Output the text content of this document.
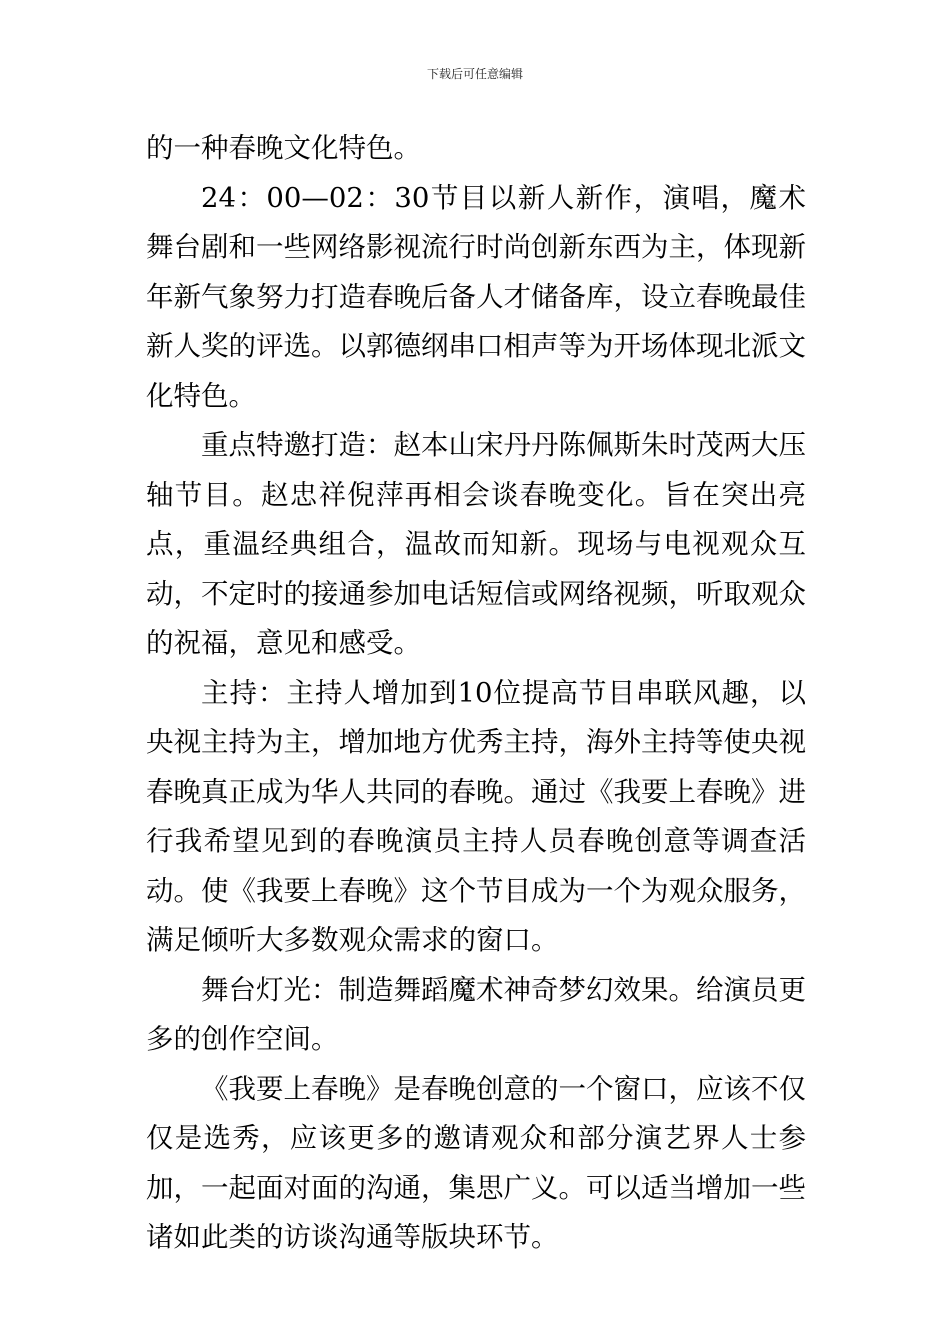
下载后可任意编辑

的一种春晚文化特色。

24：00—02：30节目以新人新作，演唱，魔术舞台剧和一些网络影视流行时尚创新东西为主，体现新年新气象努力打造春晚后备人才储备库，设立春晚最佳新人奖的评选。以郭德纲串口相声等为开场体现北派文化特色。

重点特邀打造：赵本山宋丹丹陈佩斯朱时茂两大压轴节目。赵忠祥倪萍再相会谈春晚变化。旨在突出亮点，重温经典组合，温故而知新。现场与电视观众互动，不定时的接通参加电话短信或网络视频，听取观众的祝福，意见和感受。

主持：主持人增加到10位提高节目串联风趣，以央视主持为主，增加地方优秀主持，海外主持等使央视春晚真正成为华人共同的春晚。通过《我要上春晚》进行我希望见到的春晚演员主持人员春晚创意等调查活动。使《我要上春晚》这个节目成为一个为观众服务，满足倾听大多数观众需求的窗口。

舞台灯光：制造舞蹈魔术神奇梦幻效果。给演员更多的创作空间。

《我要上春晚》是春晚创意的一个窗口，应该不仅仅是选秀，应该更多的邀请观众和部分演艺界人士参加，一起面对面的沟通，集思广义。可以适当增加一些诸如此类的访谈沟通等版块环节。
